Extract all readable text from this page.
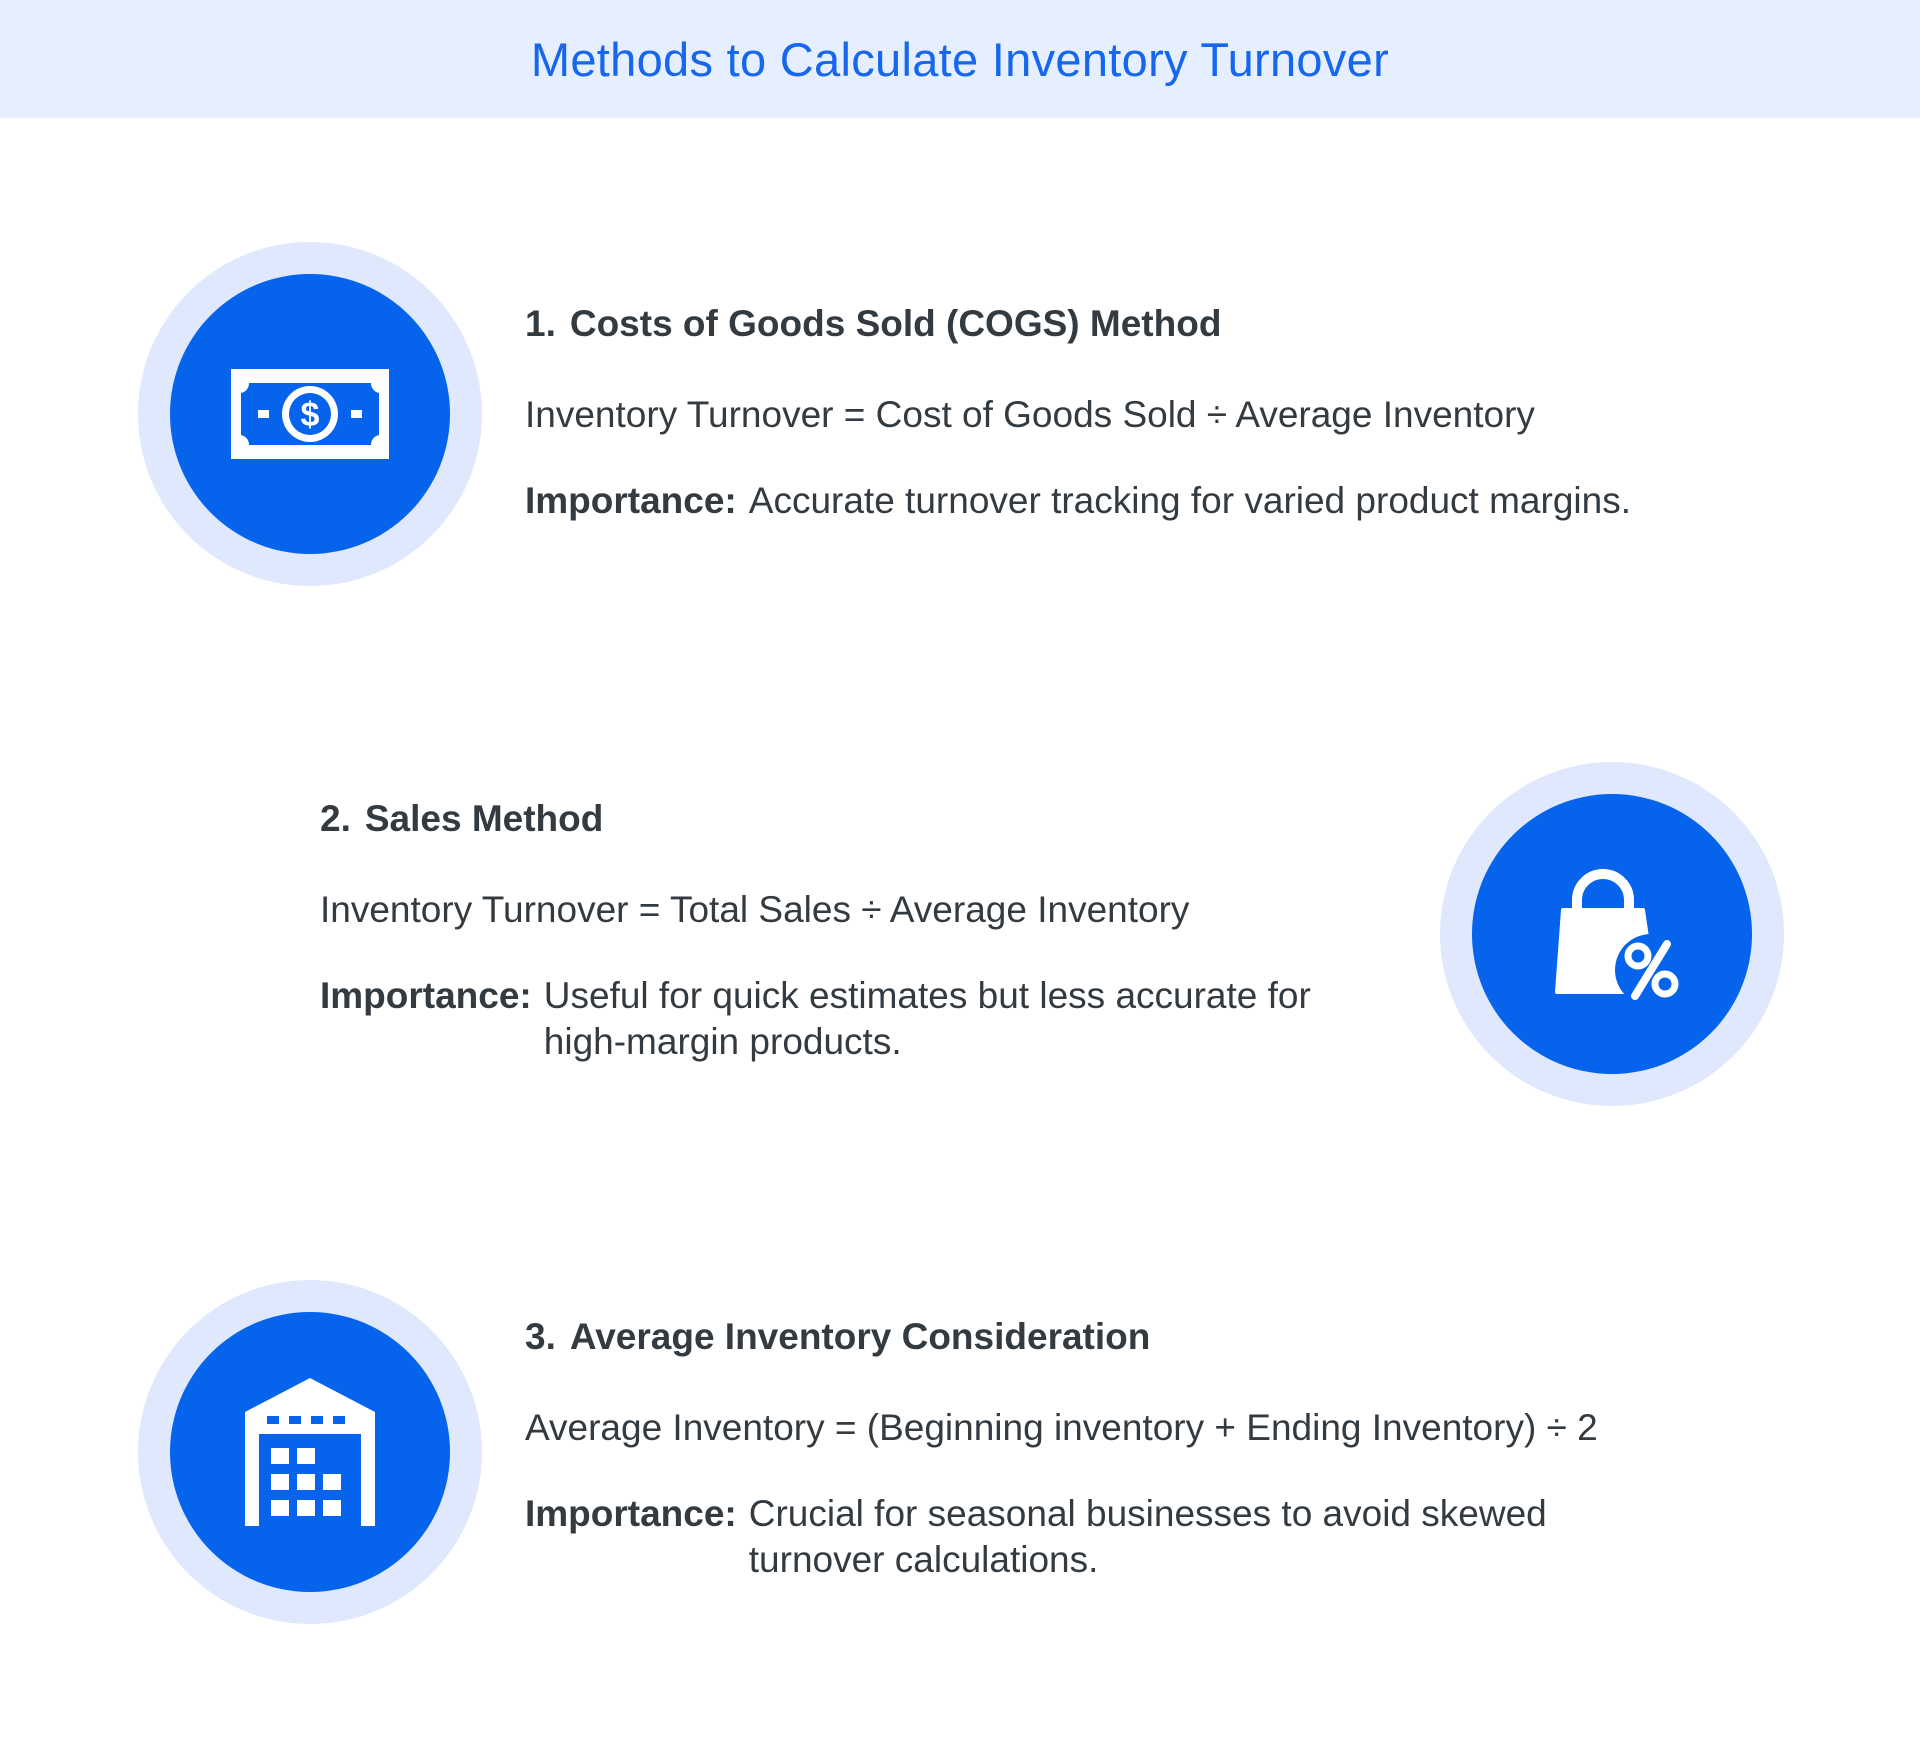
Methods to Calculate Inventory Turnover
$
1. Costs of Goods Sold (COGS) Method

Inventory Turnover = Cost of Goods Sold ÷ Average Inventory

Importance: Accurate turnover tracking for varied product margins.
2. Sales Method

Inventory Turnover = Total Sales ÷ Average Inventory

Importance: Useful for quick estimates but less accurate for high-margin products.
3. Average Inventory Consideration

Average Inventory = (Beginning inventory + Ending Inventory) ÷ 2

Importance: Crucial for seasonal businesses to avoid skewed turnover calculations.
